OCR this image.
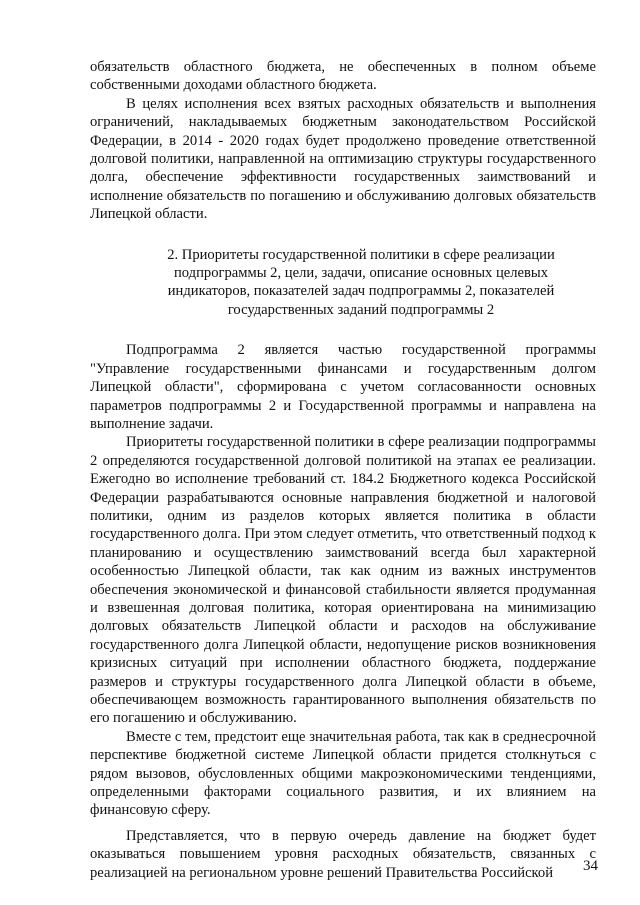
обязательств областного бюджета, не обеспеченных в полном объеме собственными доходами областного бюджета.

В целях исполнения всех взятых расходных обязательств и выполнения ограничений, накладываемых бюджетным законодательством Российской Федерации, в 2014 - 2020 годах будет продолжено проведение ответственной долговой политики, направленной на оптимизацию структуры государственного долга, обеспечение эффективности государственных заимствований и исполнение обязательств по погашению и обслуживанию долговых обязательств Липецкой области.

2. Приоритеты государственной политики в сфере реализации
подпрограммы 2, цели, задачи, описание основных целевых
индикаторов, показателей задач подпрограммы 2, показателей
государственных заданий подпрограммы 2

Подпрограмма 2 является частью государственной программы "Управление государственными финансами и государственным долгом Липецкой области", сформирована с учетом согласованности основных параметров подпрограммы 2 и Государственной программы и направлена на выполнение задачи.

Приоритеты государственной политики в сфере реализации подпрограммы 2 определяются государственной долговой политикой на этапах ее реализации. Ежегодно во исполнение требований ст. 184.2 Бюджетного кодекса Российской Федерации разрабатываются основные направления бюджетной и налоговой политики, одним из разделов которых является политика в области государственного долга. При этом следует отметить, что ответственный подход к планированию и осуществлению заимствований всегда был характерной особенностью Липецкой области, так как одним из важных инструментов обеспечения экономической и финансовой стабильности является продуманная и взвешенная долговая политика, которая ориентирована на минимизацию долговых обязательств Липецкой области и расходов на обслуживание государственного долга Липецкой области, недопущение рисков возникновения кризисных ситуаций при исполнении областного бюджета, поддержание размеров и структуры государственного долга Липецкой области в объеме, обеспечивающем возможность гарантированного выполнения обязательств по его погашению и обслуживанию.

Вместе с тем, предстоит еще значительная работа, так как в среднесрочной перспективе бюджетной системе Липецкой области придется столкнуться с рядом вызовов, обусловленных общими макроэкономическими тенденциями, определенными факторами социального развития, и их влиянием на финансовую сферу.

Представляется, что в первую очередь давление на бюджет будет оказываться повышением уровня расходных обязательств, связанных с реализацией на региональном уровне решений Правительства Российской	34
